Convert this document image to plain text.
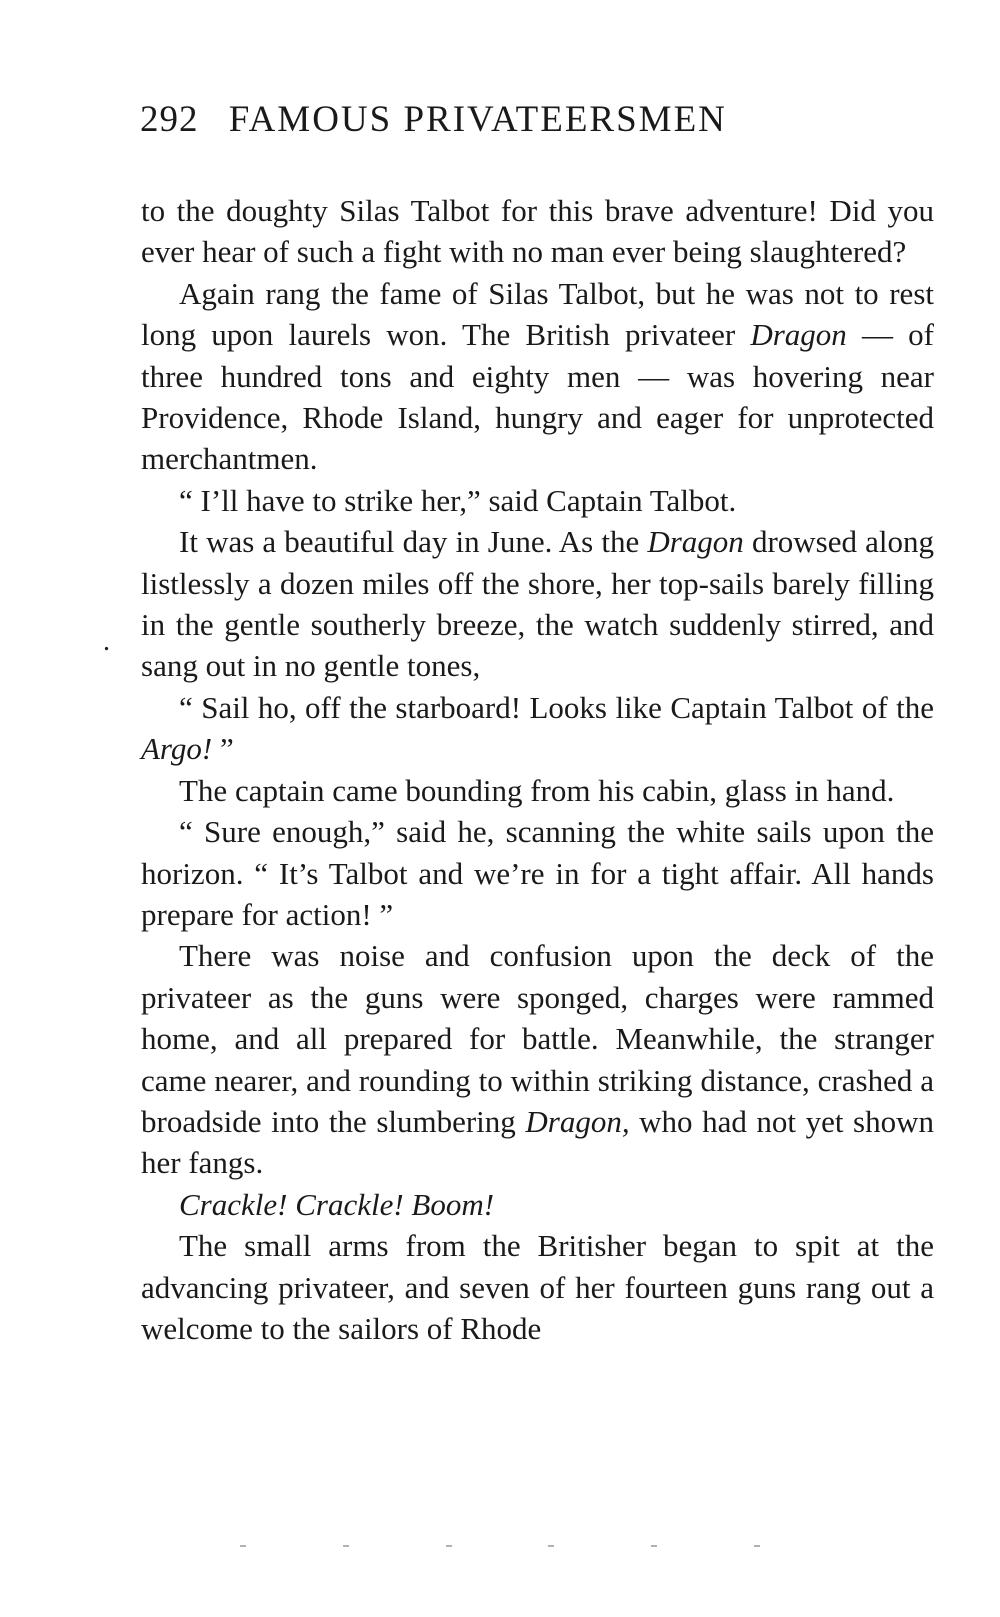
292 FAMOUS PRIVATEERSMEN
.

to the doughty Silas Talbot for this brave adventure! Did you ever hear of such a fight with no man ever being slaughtered?

Again rang the fame of Silas Talbot, but he was not to rest long upon laurels won. The British privateer Dragon — of three hundred tons and eighty men — was hovering near Providence, Rhode Island, hungry and eager for unprotected merchantmen.

“ I’ll have to strike her,” said Captain Talbot.

It was a beautiful day in June. As the Dragon drowsed along listlessly a dozen miles off the shore, her top-sails barely filling in the gentle southerly breeze, the watch suddenly stirred, and sang out in no gentle tones,

“ Sail ho, off the starboard! Looks like Captain Talbot of the Argo! ”

The captain came bounding from his cabin, glass in hand.

“ Sure enough,” said he, scanning the white sails upon the horizon. “ It’s Talbot and we’re in for a tight affair. All hands prepare for action! ”

There was noise and confusion upon the deck of the privateer as the guns were sponged, charges were rammed home, and all prepared for battle. Meanwhile, the stranger came nearer, and rounding to within striking distance, crashed a broadside into the slumbering Dragon, who had not yet shown her fangs.

Crackle! Crackle! Boom!

The small arms from the Britisher began to spit at the advancing privateer, and seven of her fourteen guns rang out a welcome to the sailors of Rhode
